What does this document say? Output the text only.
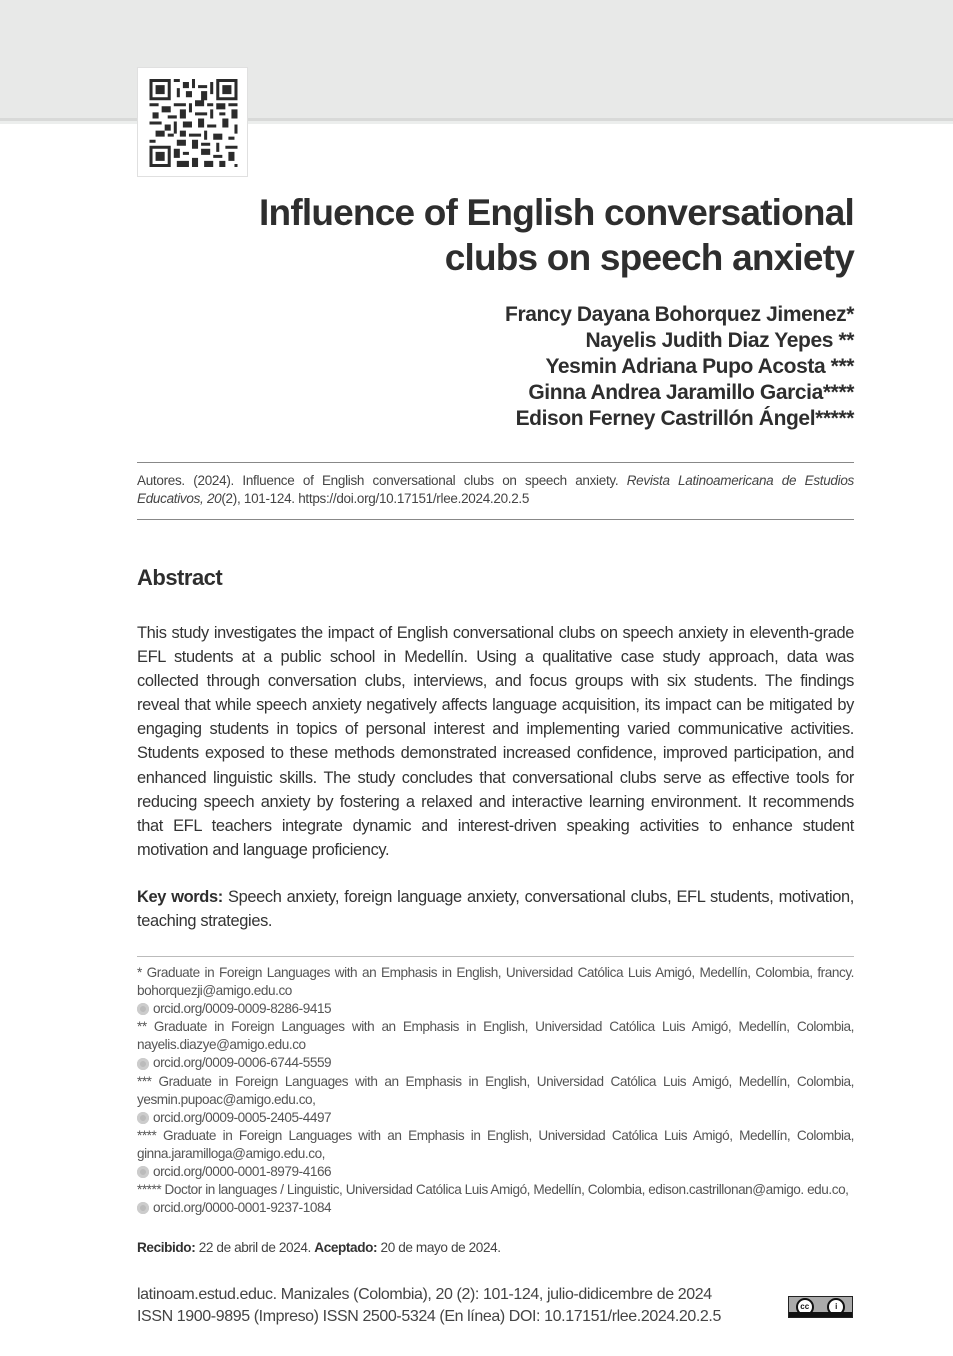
Influence of English conversational
clubs on speech anxiety
Francy Dayana Bohorquez Jimenez*
Nayelis Judith Diaz Yepes **
Yesmin Adriana Pupo Acosta ***
Ginna Andrea Jaramillo Garcia****
Edison Ferney Castrillón Ángel*****
Autores. (2024). Influence of English conversational clubs on speech anxiety. Revista Latinoamericana de Estudios Educativos, 20(2), 101-124. https://doi.org/10.17151/rlee.2024.20.2.5
Abstract
This study investigates the impact of English conversational clubs on speech anxiety in eleventh-grade EFL students at a public school in Medellín. Using a qualitative case study approach, data was collected through conversation clubs, interviews, and focus groups with six students. The findings reveal that while speech anxiety negatively affects language acquisition, its impact can be mitigated by engaging students in topics of personal interest and implementing varied communicative activities. Students exposed to these methods demonstrated increased confidence, improved participation, and enhanced linguistic skills. The study concludes that conversational clubs serve as effective tools for reducing speech anxiety by fostering a relaxed and interactive learning environment. It recommends that EFL teachers integrate dynamic and interest-driven speaking activities to enhance student motivation and language proficiency.
Key words: Speech anxiety, foreign language anxiety, conversational clubs, EFL students, motivation, teaching strategies.
* Graduate in Foreign Languages with an Emphasis in English, Universidad Católica Luis Amigó, Medellín, Colombia, francy. bohorquezji@amigo.edu.co
orcid.org/0009-0009-8286-9415
** Graduate in Foreign Languages with an Emphasis in English, Universidad Católica Luis Amigó, Medellín, Colombia, nayelis.diazye@amigo.edu.co
orcid.org/0009-0006-6744-5559
*** Graduate in Foreign Languages with an Emphasis in English, Universidad Católica Luis Amigó, Medellín, Colombia, yesmin.pupoac@amigo.edu.co,
orcid.org/0009-0005-2405-4497
**** Graduate in Foreign Languages with an Emphasis in English, Universidad Católica Luis Amigó, Medellín, Colombia, ginna.jaramilloga@amigo.edu.co,
orcid.org/0000-0001-8979-4166
***** Doctor in languages / Linguistic, Universidad Católica Luis Amigó, Medellín, Colombia, edison.castrillonan@amigo. edu.co,
orcid.org/0000-0001-9237-1084
Recibido: 22 de abril de 2024. Aceptado: 20 de mayo de 2024.
latinoam.estud.educ. Manizales (Colombia), 20 (2): 101-124, julio-didicembre de 2024
ISSN 1900-9895 (Impreso) ISSN 2500-5324 (En línea) DOI: 10.17151/rlee.2024.20.2.5
cc	i
